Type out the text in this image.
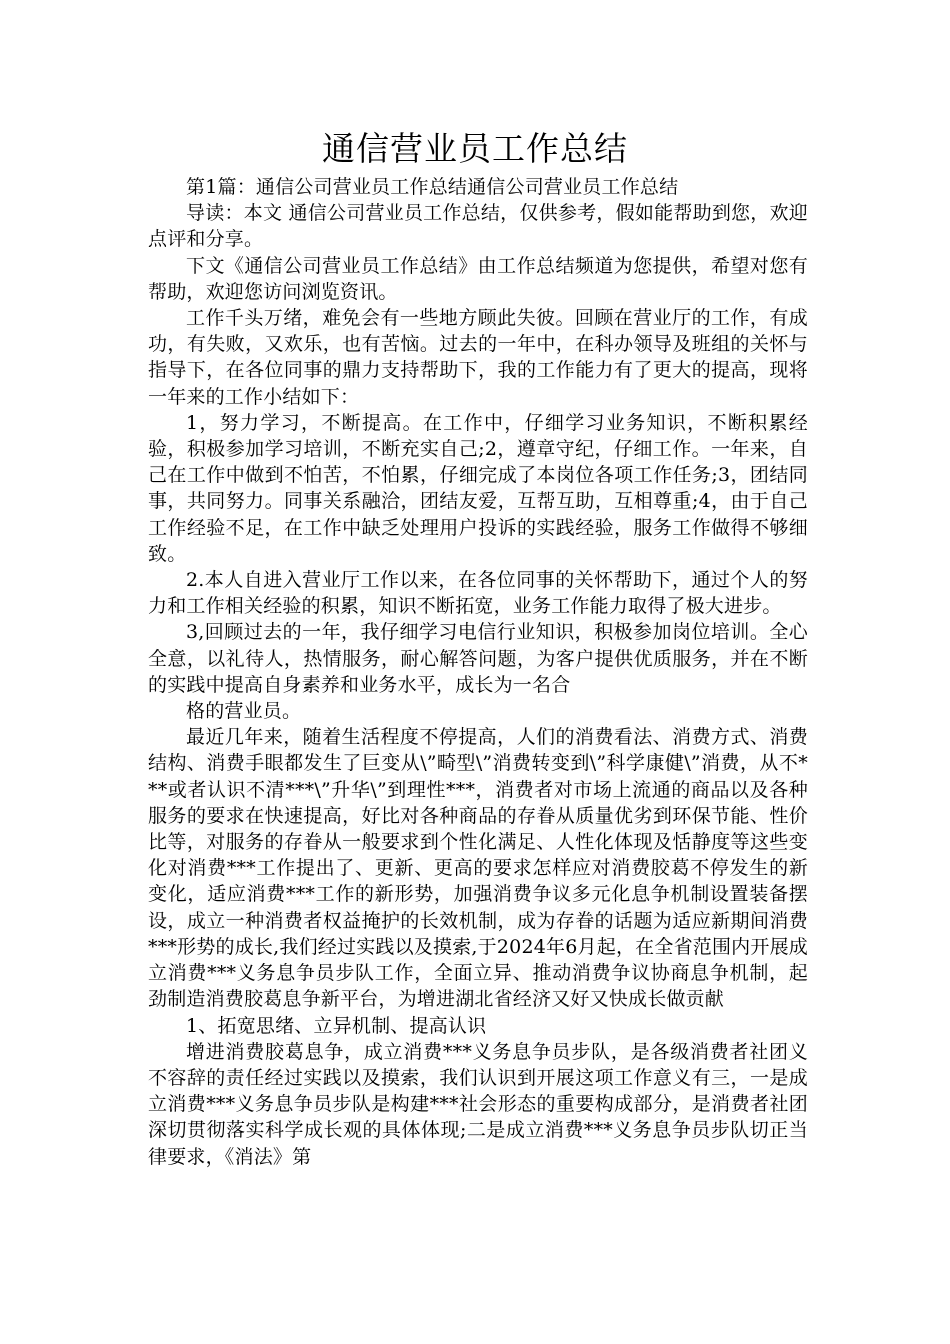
通信营业员工作总结

第1篇：通信公司营业员工作总结通信公司营业员工作总结

导读：本文 通信公司营业员工作总结，仅供参考，假如能帮助到您，欢迎点评和分享。

下文《通信公司营业员工作总结》由工作总结频道为您提供，希望对您有帮助，欢迎您访问浏览资讯。

工作千头万绪，难免会有一些地方顾此失彼。回顾在营业厅的工作，有成功，有失败，又欢乐，也有苦恼。过去的一年中，在科办领导及班组的关怀与指导下，在各位同事的鼎力支持帮助下，我的工作能力有了更大的提高，现将一年来的工作小结如下：

1，努力学习，不断提高。在工作中，仔细学习业务知识，不断积累经验，积极参加学习培训，不断充实自己;2，遵章守纪，仔细工作。一年来，自己在工作中做到不怕苦，不怕累，仔细完成了本岗位各项工作任务;3，团结同事，共同努力。同事关系融洽，团结友爱，互帮互助，互相尊重;4，由于自己工作经验不足，在工作中缺乏处理用户投诉的实践经验，服务工作做得不够细致。

2.本人自进入营业厅工作以来，在各位同事的关怀帮助下，通过个人的努力和工作相关经验的积累，知识不断拓宽，业务工作能力取得了极大进步。

3,回顾过去的一年，我仔细学习电信行业知识，积极参加岗位培训。全心全意，以礼待人，热情服务，耐心解答问题，为客户提供优质服务，并在不断的实践中提高自身素养和业务水平，成长为一名合

格的营业员。

最近几年来，随着生活程度不停提高，人们的消费看法、消费方式、消费结构、消费手眼都发生了巨变从\”畸型\”消费转变到\”科学康健\”消费，从不***或者认识不清***\”升华\”到理性***，消费者对市场上流通的商品以及各种服务的要求在快速提高，好比对各种商品的存眷从质量优劣到环保节能、性价比等，对服务的存眷从一般要求到个性化满足、人性化体现及恬静度等这些变化对消费***工作提出了、更新、更高的要求怎样应对消费胶葛不停发生的新变化，适应消费***工作的新形势，加强消费争议多元化息争机制设置装备摆设，成立一种消费者权益掩护的长效机制，成为存眷的话题为适应新期间消费***形势的成长,我们经过实践以及摸索,于2024年6月起，在全省范围内开展成立消费***义务息争员步队工作，全面立异、推动消费争议协商息争机制，起劲制造消费胶葛息争新平台，为增进湖北省经济又好又快成长做贡献

1、拓宽思绪、立异机制、提高认识

增进消费胶葛息争，成立消费***义务息争员步队，是各级消费者社团义不容辞的责任经过实践以及摸索，我们认识到开展这项工作意义有三，一是成立消费***义务息争员步队是构建***社会形态的重要构成部分，是消费者社团深切贯彻落实科学成长观的具体体现;二是成立消费***义务息争员步队切正当律要求，《消法》第
